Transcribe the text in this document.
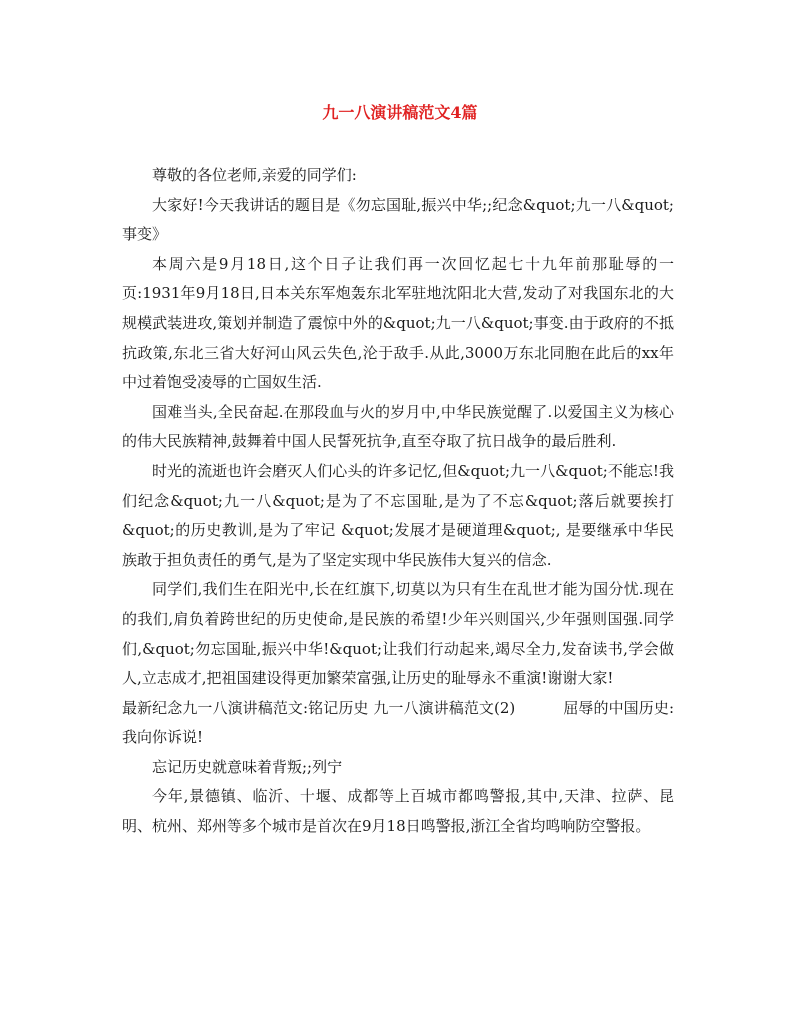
九一八演讲稿范文4篇

尊敬的各位老师,亲爱的同学们:

大家好!今天我讲话的题目是《勿忘国耻,振兴中华;;纪念&quot;九一八&quot;事变》

本周六是9月18日,这个日子让我们再一次回忆起七十九年前那耻辱的一页:1931年9月18日,日本关东军炮轰东北军驻地沈阳北大营,发动了对我国东北的大规模武装进攻,策划并制造了震惊中外的&quot;九一八&quot;事变.由于政府的不抵抗政策,东北三省大好河山风云失色,沦于敌手.从此,3000万东北同胞在此后的xx年中过着饱受凌辱的亡国奴生活.

国难当头,全民奋起.在那段血与火的岁月中,中华民族觉醒了.以爱国主义为核心的伟大民族精神,鼓舞着中国人民誓死抗争,直至夺取了抗日战争的最后胜利.

时光的流逝也许会磨灭人们心头的许多记忆,但&quot;九一八&quot;不能忘!我们纪念&quot;九一八&quot;是为了不忘国耻,是为了不忘&quot;落后就要挨打&quot;的历史教训,是为了牢记 &quot;发展才是硬道理&quot;, 是要继承中华民族敢于担负责任的勇气,是为了坚定实现中华民族伟大复兴的信念.

同学们,我们生在阳光中,长在红旗下,切莫以为只有生在乱世才能为国分忧.现在的我们,肩负着跨世纪的历史使命,是民族的希望!少年兴则国兴,少年强则国强.同学们,&quot;勿忘国耻,振兴中华!&quot;让我们行动起来,竭尽全力,发奋读书,学会做人,立志成才,把祖国建设得更加繁荣富强,让历史的耻辱永不重演!谢谢大家!

最新纪念九一八演讲稿范文:铭记历史 九一八演讲稿范文(2)	屈辱的中国历史:我向你诉说!

忘记历史就意味着背叛;;列宁

今年,景德镇、临沂、十堰、成都等上百城市都鸣警报,其中,天津、拉萨、昆明、杭州、郑州等多个城市是首次在9月18日鸣警报,浙江全省均鸣响防空警报。
